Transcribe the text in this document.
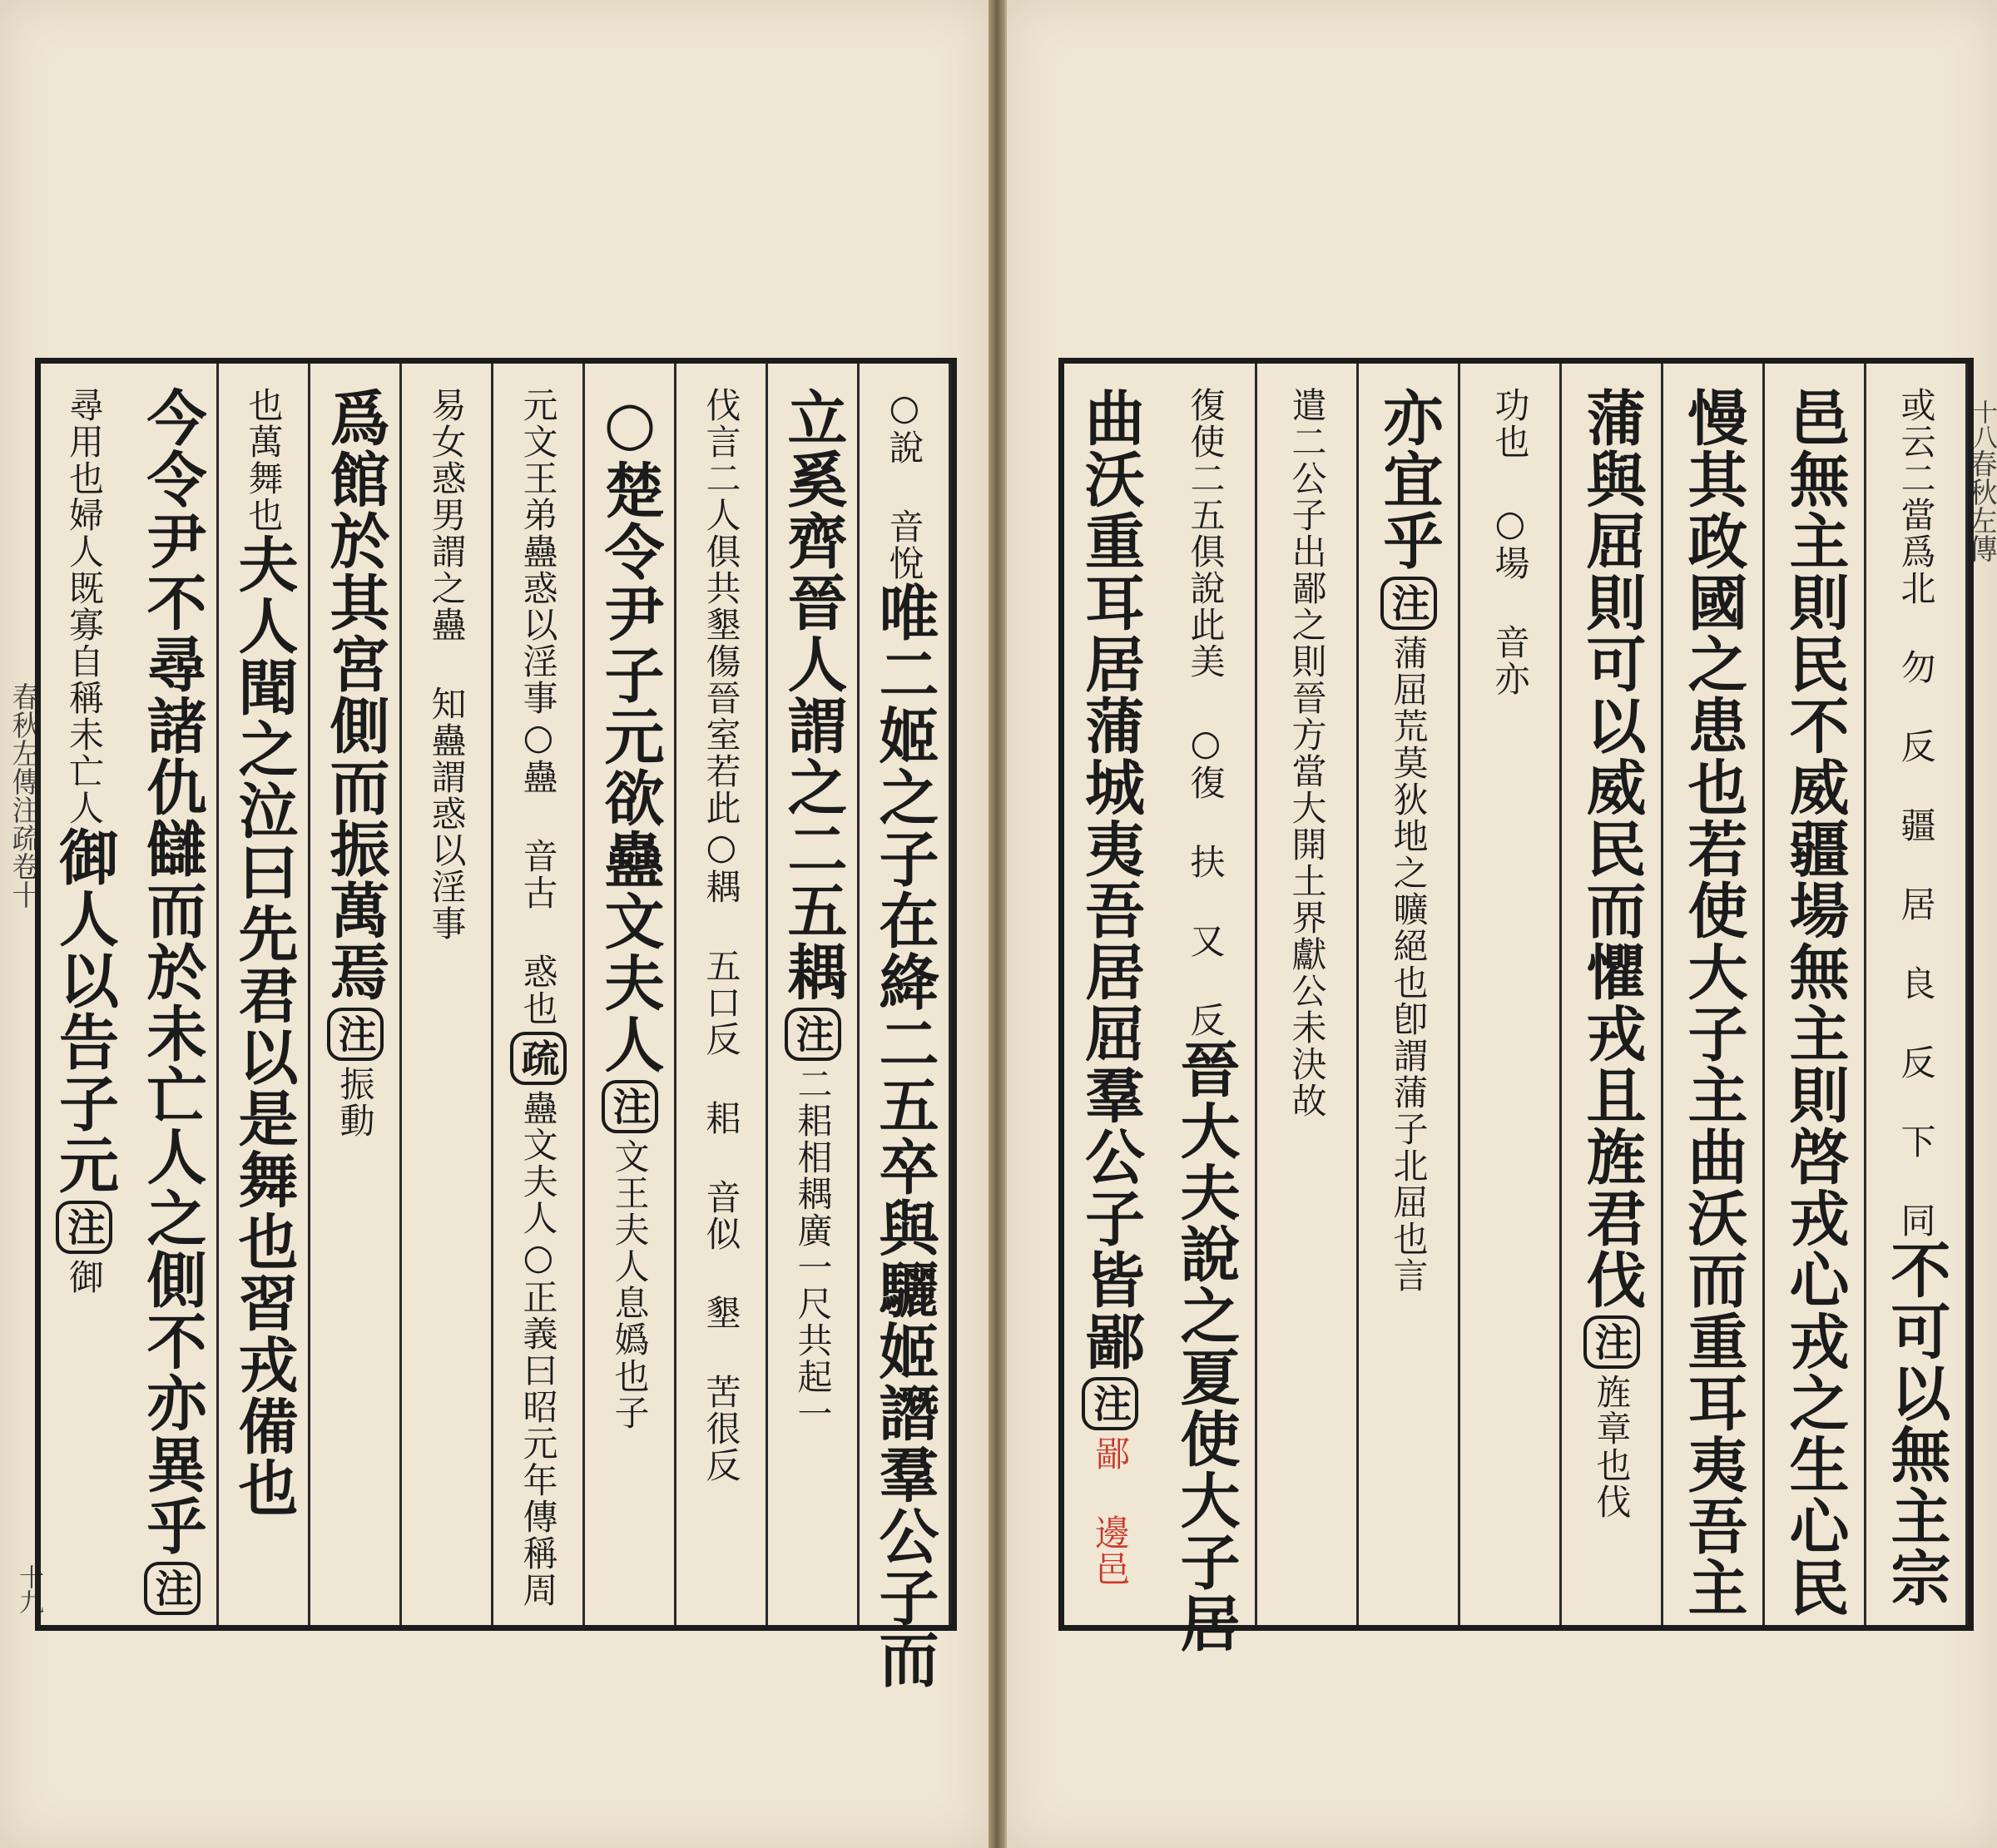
春秋左傳注疏卷十
十九
○說 音悅唯二姬之子在絳二五卒與驪姬譖羣公子而
立奚齊晉人謂之二五耦注二耜相耦廣一尺共起一
伐言二人俱共墾傷晉室若此○耦 五口反 耜 音似 墾 苦很反
○楚令尹子元欲蠱文夫人注文王夫人息嬀也子
元文王弟蠱惑以淫事○蠱 音古 惑也疏蠱文夫人○正義曰昭元年傳稱周
易女惑男謂之蠱 知蠱謂惑以淫事
爲館於其宮側而振萬焉注振動
也萬舞也夫人聞之泣曰先君以是舞也習戎備也
今令尹不尋諸仇讎而於未亡人之側不亦異乎注
尋用也婦人既寡自稱未亡人御人以告子元注御
春秋左傳
十八
或云二當爲北 勿 反 疆 居 良 反 下 同不可以無主宗
邑無主則民不威疆場無主則啓戎心戎之生心民
慢其政國之患也若使大子主曲沃而重耳夷吾主
蒲與屈則可以威民而懼戎且旌君伐注旌章也伐
功也 ○場 音亦
亦宜乎注蒲屈荒莫狄地之曠絕也卽謂蒲子北屈也言
遣二公子出鄙之則晉方當大開土界獻公未決故
復使二五俱說此美 ○復 扶 又 反晉大夫說之夏使大子居
曲沃重耳居蒲城夷吾居屈羣公子皆鄙注鄙 邊邑
